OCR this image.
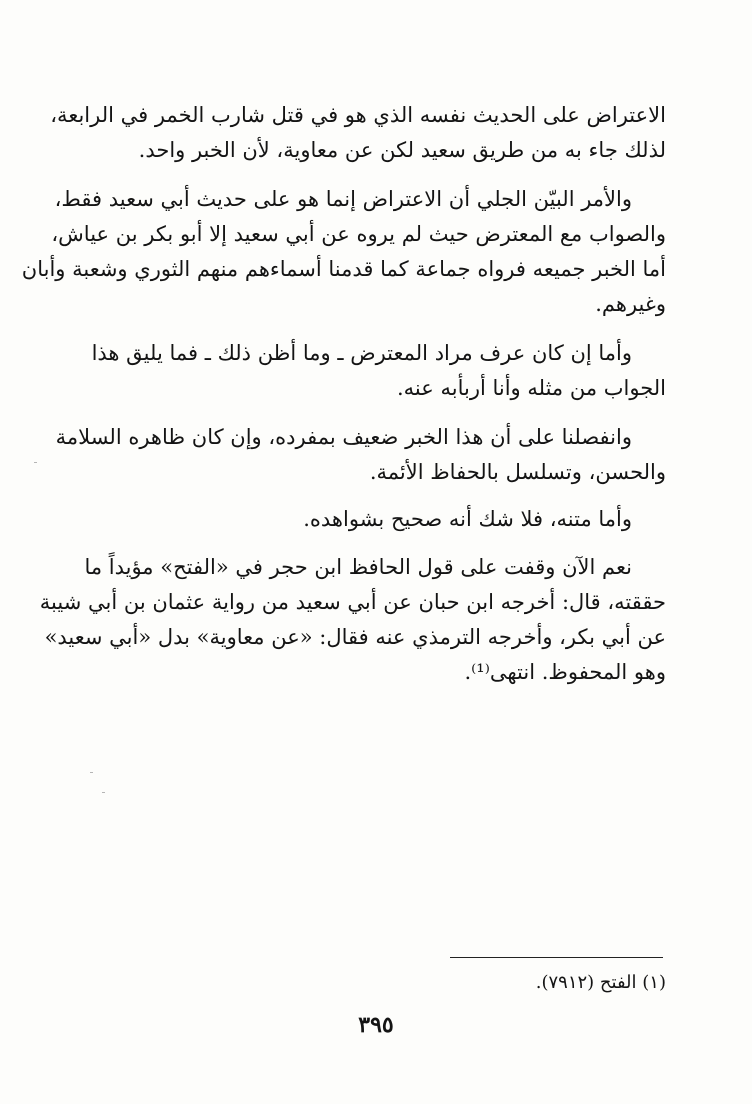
الاعتراض على الحديث نفسه الذي هو في قتل شارب الخمر في الرابعة،
لذلك جاء به من طريق سعيد لكن عن معاوية، لأن الخبر واحد.
والأمر البيّن الجلي أن الاعتراض إنما هو على حديث أبي سعيد فقط،
والصواب مع المعترض حيث لم يروه عن أبي سعيد إلا أبو بكر بن عياش،
أما الخبر جميعه فرواه جماعة كما قدمنا أسماءهم منهم الثوري وشعبة وأبان
وغيرهم.
وأما إن كان عرف مراد المعترض ـ وما أظن ذلك ـ فما يليق هذا
الجواب من مثله وأنا أربأبه عنه.
وانفصلنا على أن هذا الخبر ضعيف بمفرده، وإن كان ظاهره السلامة
والحسن، وتسلسل بالحفاظ الأئمة.
وأما متنه، فلا شك أنه صحيح بشواهده.
نعم الآن وقفت على قول الحافظ ابن حجر في «الفتح» مؤيداً ما
حققته، قال: أخرجه ابن حبان عن أبي سعيد من رواية عثمان بن أبي شيبة
عن أبي بكر، وأخرجه الترمذي عنه فقال: «عن معاوية» بدل «أبي سعيد»
وهو المحفوظ. انتهى⁽¹⁾.
(١) الفتح (٧٩١٢).
٣٩٥
